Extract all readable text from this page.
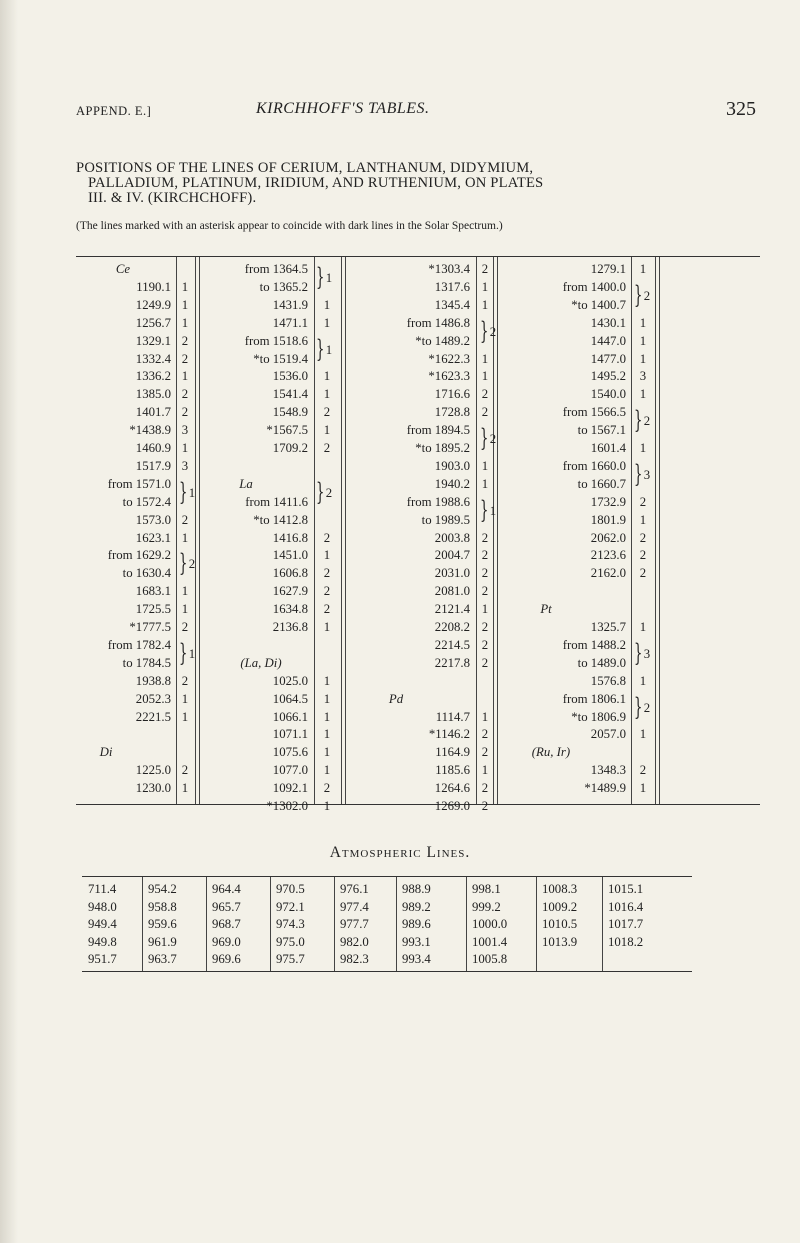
APPEND. E.]	KIRCHHOFF'S TABLES.	325
POSITIONS OF THE LINES OF CERIUM, LANTHANUM, DIDYMIUM,
PALLADIUM, PLATINUM, IRIDIUM, AND RUTHENIUM, ON PLATES
III. & IV. (KIRCHCHOFF).
(The lines marked with an asterisk appear to coincide with dark lines in the Solar Spectrum.)
Ce
1190.1 1
1249.9 1
1256.7 1
1329.1 2
1332.4 2
1336.2 1
1385.0 2
1401.7 2
*1438.9 3
1460.9 1
1517.9 3
from 1571.0
to 1572.4
1573.0 2
1623.1 1
from 1629.2
to 1630.4
1683.1 1
1725.5 1
*1777.5 2
from 1782.4
to 1784.5
1938.8 2
2052.3 1
2221.5 1
} 1
} 2
} 1
Di
1225.0 2
1230.0 1
from 1364.5
to 1365.2
1431.9 1
1471.1 1
from 1518.6
*to 1519.4
1536.0 1
1541.4 1
1548.9 2
*1567.5 1
1709.2 2
} 1
} 1
} 2
La
from 1411.6
*to 1412.8
1416.8 2
1451.0 1
1606.8 2
1627.9 2
1634.8 2
2136.8 1
(La, Di)
1025.0 1
1064.5 1
1066.1 1
1071.1 1
1075.6 1
1077.0 1
1092.1 2
*1302.0 1
*1303.4 2
1317.6 1
1345.4 1
from 1486.8
*to 1489.2
*1622.3 1
*1623.3 1
1716.6 2
1728.8 2
from 1894.5
*to 1895.2
1903.0 1
1940.2 1
from 1988.6
to 1989.5
2003.8 2
2004.7 2
2031.0 2
2081.0 2
2121.4 1
2208.2 2
2214.5 2
2217.8 2
} 2
} 2
} 1
Pd
1114.7 1
*1146.2 2
1164.9 2
1185.6 1
1264.6 2
1269.0 2
1279.1 1
from 1400.0
*to 1400.7
1430.1 1
1447.0 1
1477.0 1
1495.2 3
1540.0 1
from 1566.5
to 1567.1
1601.4 1
from 1660.0
to 1660.7
1732.9 2
1801.9 1
2062.0 2
2123.6 2
2162.0 2
} 2
} 2
} 3
Pt
1325.7 1
from 1488.2
to 1489.0
1576.8 1
from 1806.1
*to 1806.9
2057.0 1
} 3
} 2
(Ru, Ir)
1348.3 2
*1489.9 1
Atmospheric Lines.
711.4
948.0
949.4
949.8
951.7
954.2
958.8
959.6
961.9
963.7
964.4
965.7
968.7
969.0
969.6
970.5
972.1
974.3
975.0
975.7
976.1
977.4
977.7
982.0
982.3
988.9
989.2
989.6
993.1
993.4
998.1
999.2
1000.0
1001.4
1005.8
1008.3
1009.2
1010.5
1013.9
1015.1
1016.4
1017.7
1018.2
